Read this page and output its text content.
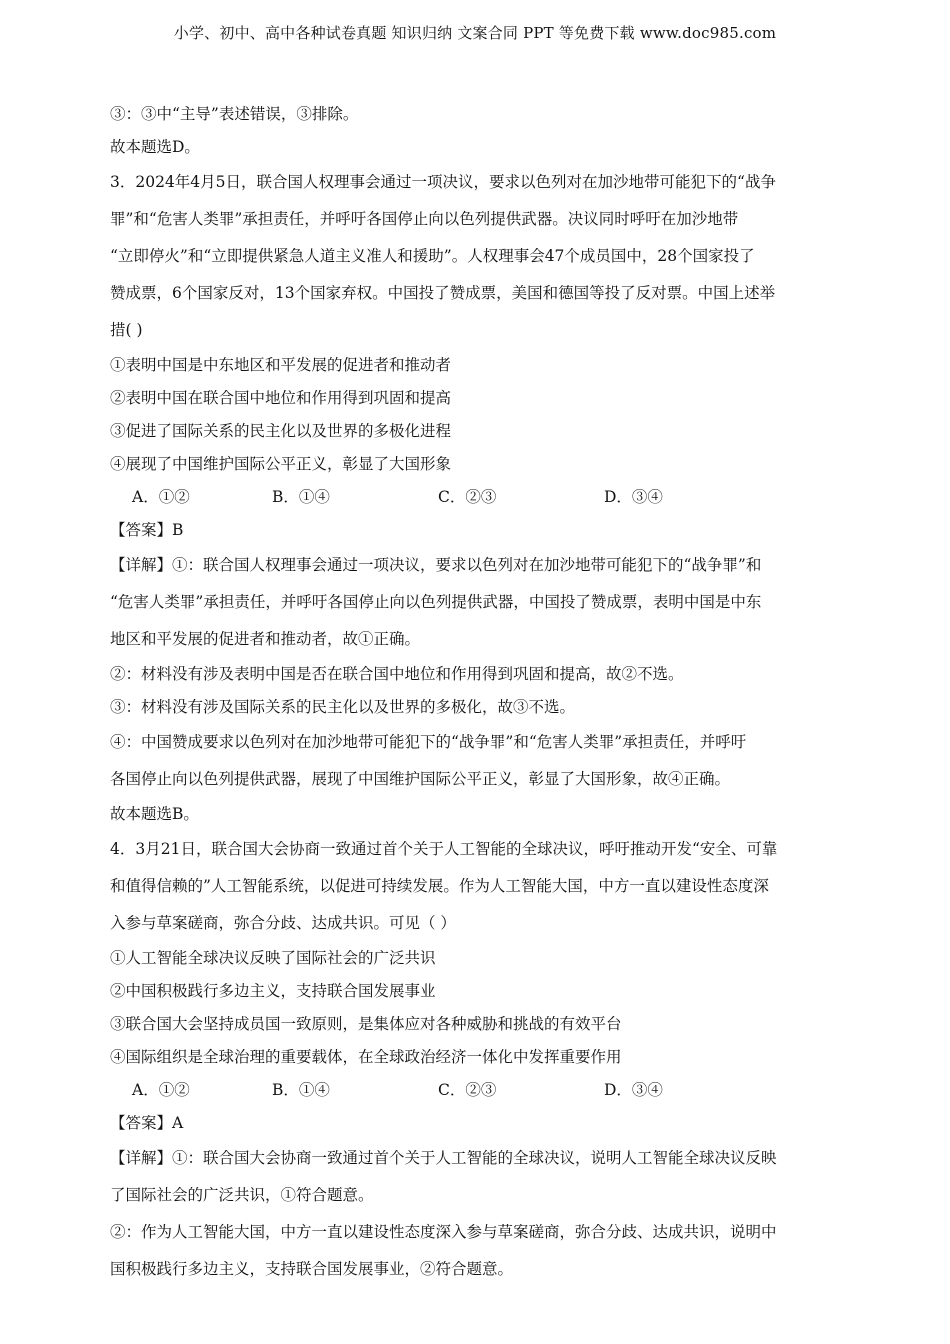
小学、初中、高中各种试卷真题 知识归纳 文案合同 PPT 等免费下载 www.doc985.com
③：③中“主导”表述错误，③排除。
故本题选D。
3．2024年4月5日，联合国人权理事会通过一项决议，要求以色列对在加沙地带可能犯下的“战争
罪”和“危害人类罪”承担责任，并呼吁各国停止向以色列提供武器。决议同时呼吁在加沙地带
“立即停火”和“立即提供紧急人道主义准人和援助”。人权理事会47个成员国中，28个国家投了
赞成票，6个国家反对，13个国家弃权。中国投了赞成票，美国和德国等投了反对票。中国上述举
措( )
①表明中国是中东地区和平发展的促进者和推动者
②表明中国在联合国中地位和作用得到巩固和提高
③促进了国际关系的民主化以及世界的多极化进程
④展现了中国维护国际公平正义，彰显了大国形象
A．①②	B．①④	C．②③	D．③④
【答案】B
【详解】①：联合国人权理事会通过一项决议，要求以色列对在加沙地带可能犯下的“战争罪”和
“危害人类罪”承担责任，并呼吁各国停止向以色列提供武器，中国投了赞成票，表明中国是中东
地区和平发展的促进者和推动者，故①正确。
②：材料没有涉及表明中国是否在联合国中地位和作用得到巩固和提高，故②不选。
③：材料没有涉及国际关系的民主化以及世界的多极化，故③不选。
④：中国赞成要求以色列对在加沙地带可能犯下的“战争罪”和“危害人类罪”承担责任，并呼吁
各国停止向以色列提供武器，展现了中国维护国际公平正义，彰显了大国形象，故④正确。
故本题选B。
4．3月21日，联合国大会协商一致通过首个关于人工智能的全球决议，呼吁推动开发“安全、可靠
和值得信赖的”人工智能系统，以促进可持续发展。作为人工智能大国，中方一直以建设性态度深
入参与草案磋商，弥合分歧、达成共识。可见（ ）
①人工智能全球决议反映了国际社会的广泛共识
②中国积极践行多边主义，支持联合国发展事业
③联合国大会坚持成员国一致原则，是集体应对各种威胁和挑战的有效平台
④国际组织是全球治理的重要载体，在全球政治经济一体化中发挥重要作用
A．①②	B．①④	C．②③	D．③④
【答案】A
【详解】①：联合国大会协商一致通过首个关于人工智能的全球决议，说明人工智能全球决议反映
了国际社会的广泛共识，①符合题意。
②：作为人工智能大国，中方一直以建设性态度深入参与草案磋商，弥合分歧、达成共识，说明中
国积极践行多边主义，支持联合国发展事业，②符合题意。
